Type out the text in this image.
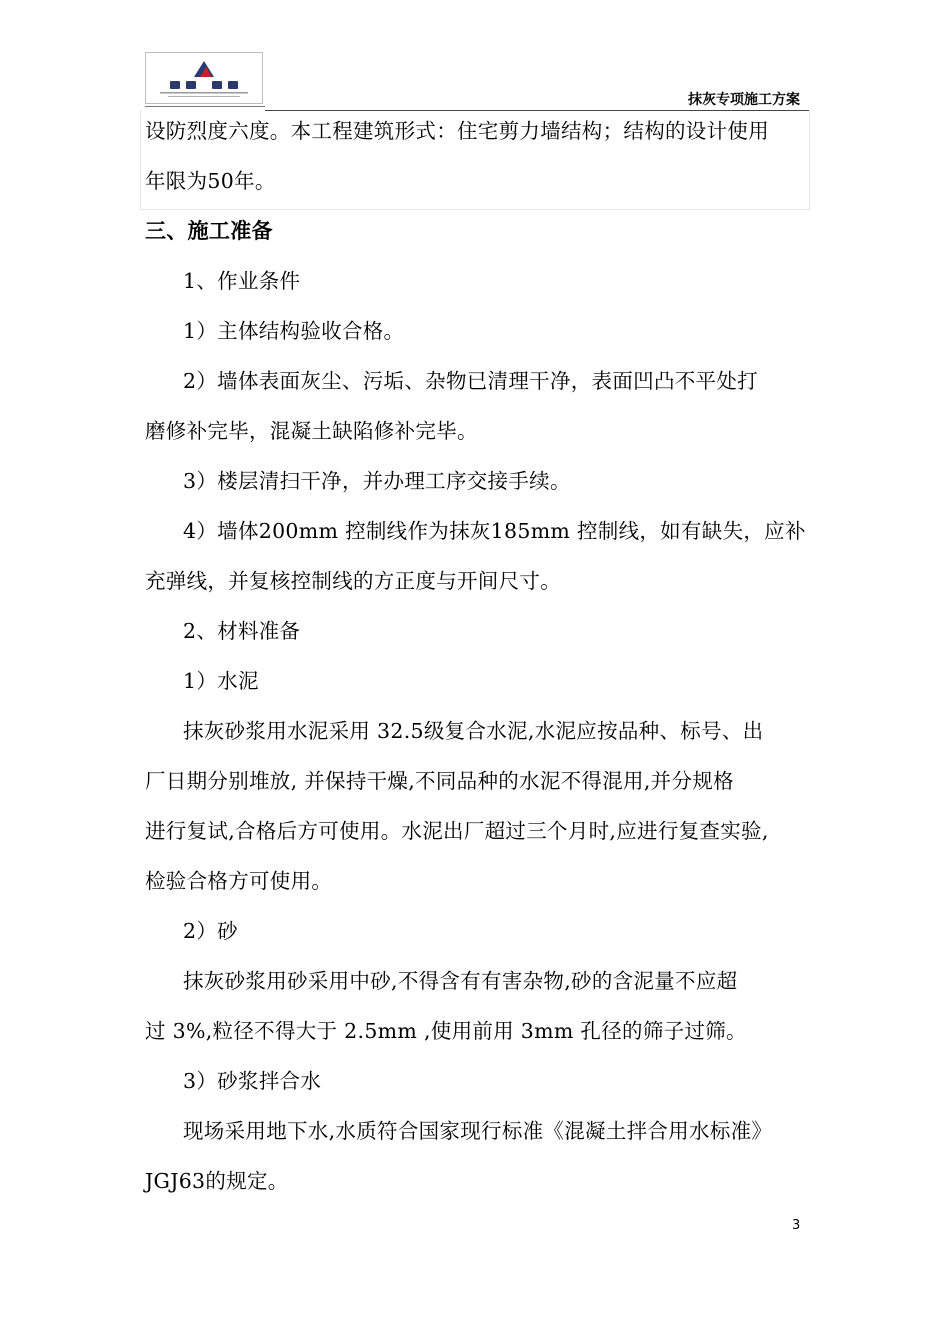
抹灰专项施工方案
设防烈度六度。本工程建筑形式：住宅剪力墙结构；结构的设计使用
年限为50年。
三、施工准备
1、作业条件
1）主体结构验收合格。
2）墙体表面灰尘、污垢、杂物已清理干净，表面凹凸不平处打
磨修补完毕，混凝土缺陷修补完毕。
3）楼层清扫干净，并办理工序交接手续。
4）墙体200mm 控制线作为抹灰185mm 控制线，如有缺失，应补
充弹线，并复核控制线的方正度与开间尺寸。
2、材料准备
1）水泥
抹灰砂浆用水泥采用 32.5级复合水泥,水泥应按品种、标号、出
厂日期分别堆放, 并保持干燥,不同品种的水泥不得混用,并分规格
进行复试,合格后方可使用。水泥出厂超过三个月时,应进行复查实验,
检验合格方可使用。
2）砂
抹灰砂浆用砂采用中砂,不得含有有害杂物,砂的含泥量不应超
过 3%,粒径不得大于 2.5mm ,使用前用 3mm 孔径的筛子过筛。
3）砂浆拌合水
现场采用地下水,水质符合国家现行标准《混凝土拌合用水标准》
JGJ63的规定。
3
